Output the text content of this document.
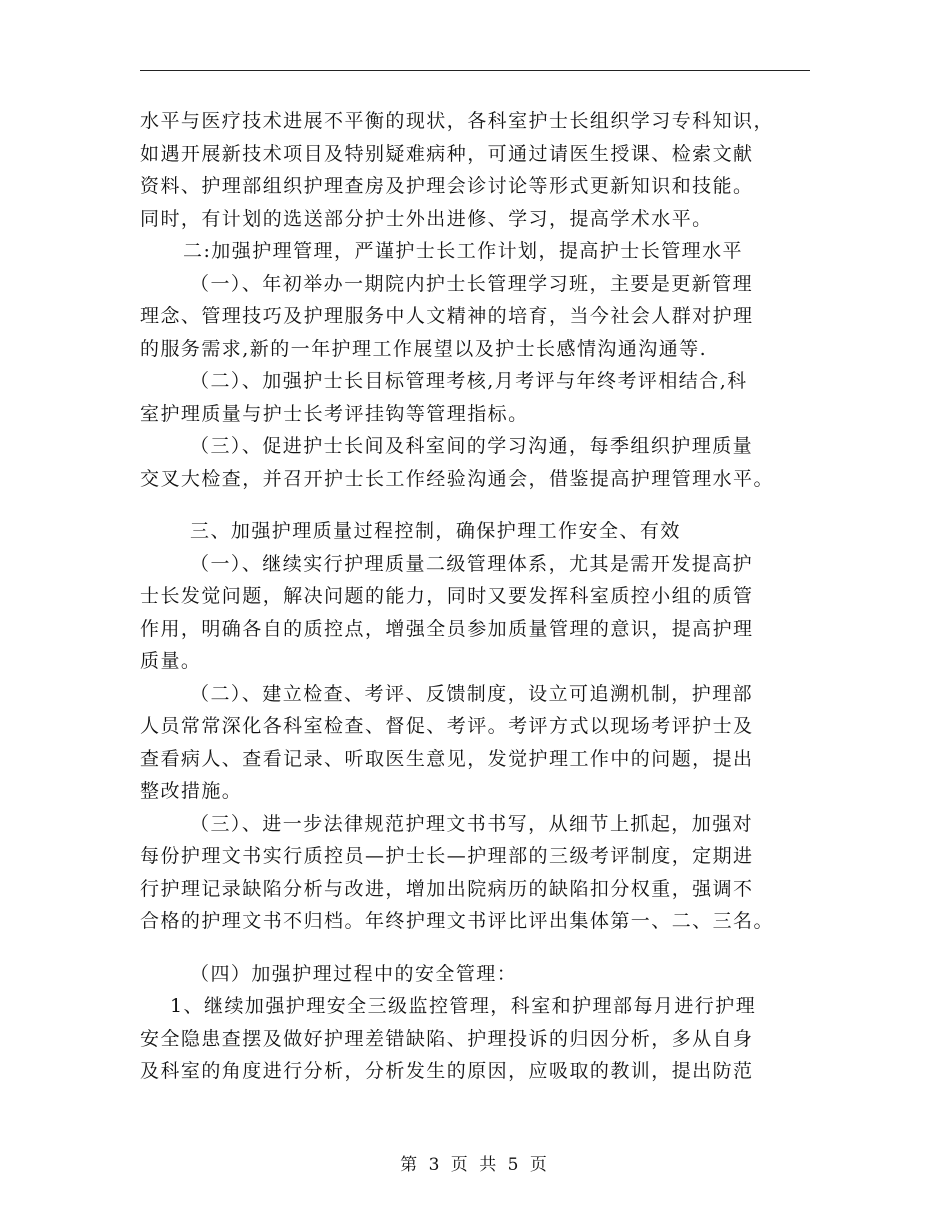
水平与医疗技术进展不平衡的现状，各科室护士长组织学习专科知识，
如遇开展新技术项目及特别疑难病种，可通过请医生授课、检索文献
资料、护理部组织护理查房及护理会诊讨论等形式更新知识和技能。
同时，有计划的选送部分护士外出进修、学习，提高学术水平。
二:加强护理管理，严谨护士长工作计划，提高护士长管理水平
（一）、年初举办一期院内护士长管理学习班，主要是更新管理
理念、管理技巧及护理服务中人文精神的培育，当今社会人群对护理
的服务需求,新的一年护理工作展望以及护士长感情沟通沟通等.
（二）、加强护士长目标管理考核,月考评与年终考评相结合,科
室护理质量与护士长考评挂钩等管理指标。
（三）、促进护士长间及科室间的学习沟通，每季组织护理质量
交叉大检查，并召开护士长工作经验沟通会，借鉴提高护理管理水平。
三、加强护理质量过程控制，确保护理工作安全、有效
（一）、继续实行护理质量二级管理体系，尤其是需开发提高护
士长发觉问题，解决问题的能力，同时又要发挥科室质控小组的质管
作用，明确各自的质控点，增强全员参加质量管理的意识，提高护理
质量。
（二）、建立检查、考评、反馈制度，设立可追溯机制，护理部
人员常常深化各科室检查、督促、考评。考评方式以现场考评护士及
查看病人、查看记录、听取医生意见，发觉护理工作中的问题，提出
整改措施。
（三）、进一步法律规范护理文书书写，从细节上抓起，加强对
每份护理文书实行质控员—护士长—护理部的三级考评制度，定期进
行护理记录缺陷分析与改进，增加出院病历的缺陷扣分权重，强调不
合格的护理文书不归档。年终护理文书评比评出集体第一、二、三名。
（四）加强护理过程中的安全管理：
1、继续加强护理安全三级监控管理，科室和护理部每月进行护理
安全隐患查摆及做好护理差错缺陷、护理投诉的归因分析，多从自身
及科室的角度进行分析，分析发生的原因，应吸取的教训，提出防范
第 3 页 共 5 页
